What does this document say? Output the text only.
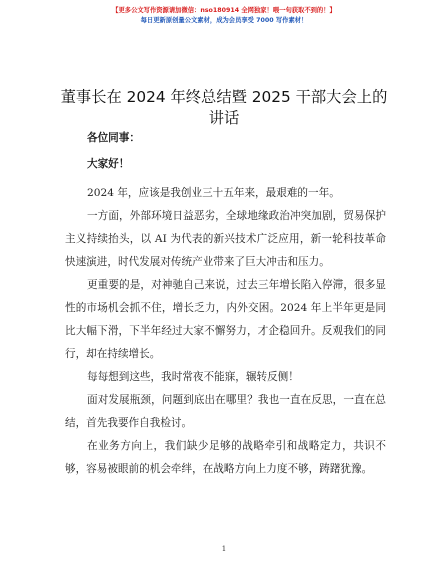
【更多公文写作资源请加微信：nso180914 全网独家！喂一句获取不到的！】
每日更新原创量公文素材，成为会员享受 7000 写作素材！
董事长在 2024 年终总结暨 2025 干部大会上的讲话
各位同事：
大家好！

2024 年，应该是我创业三十五年来，最艰难的一年。

一方面，外部环境日益恶劣，全球地缘政治冲突加剧，贸易保护主义持续抬头，以 AI 为代表的新兴技术广泛应用，新一轮科技革命快速演进，时代发展对传统产业带来了巨大冲击和压力。

更重要的是，对神驰自己来说，过去三年增长陷入停滞，很多显性的市场机会抓不住，增长乏力，内外交困。2024 年上半年更是同比大幅下滑，下半年经过大家不懈努力，才企稳回升。反观我们的同行，却在持续增长。

每每想到这些，我时常夜不能寐，辗转反侧！

面对发展瓶颈，问题到底出在哪里？我也一直在反思，一直在总结，首先我要作自我检讨。

在业务方向上，我们缺少足够的战略牵引和战略定力，共识不够，容易被眼前的机会牵绊，在战略方向上力度不够，踌躇犹豫。

1
